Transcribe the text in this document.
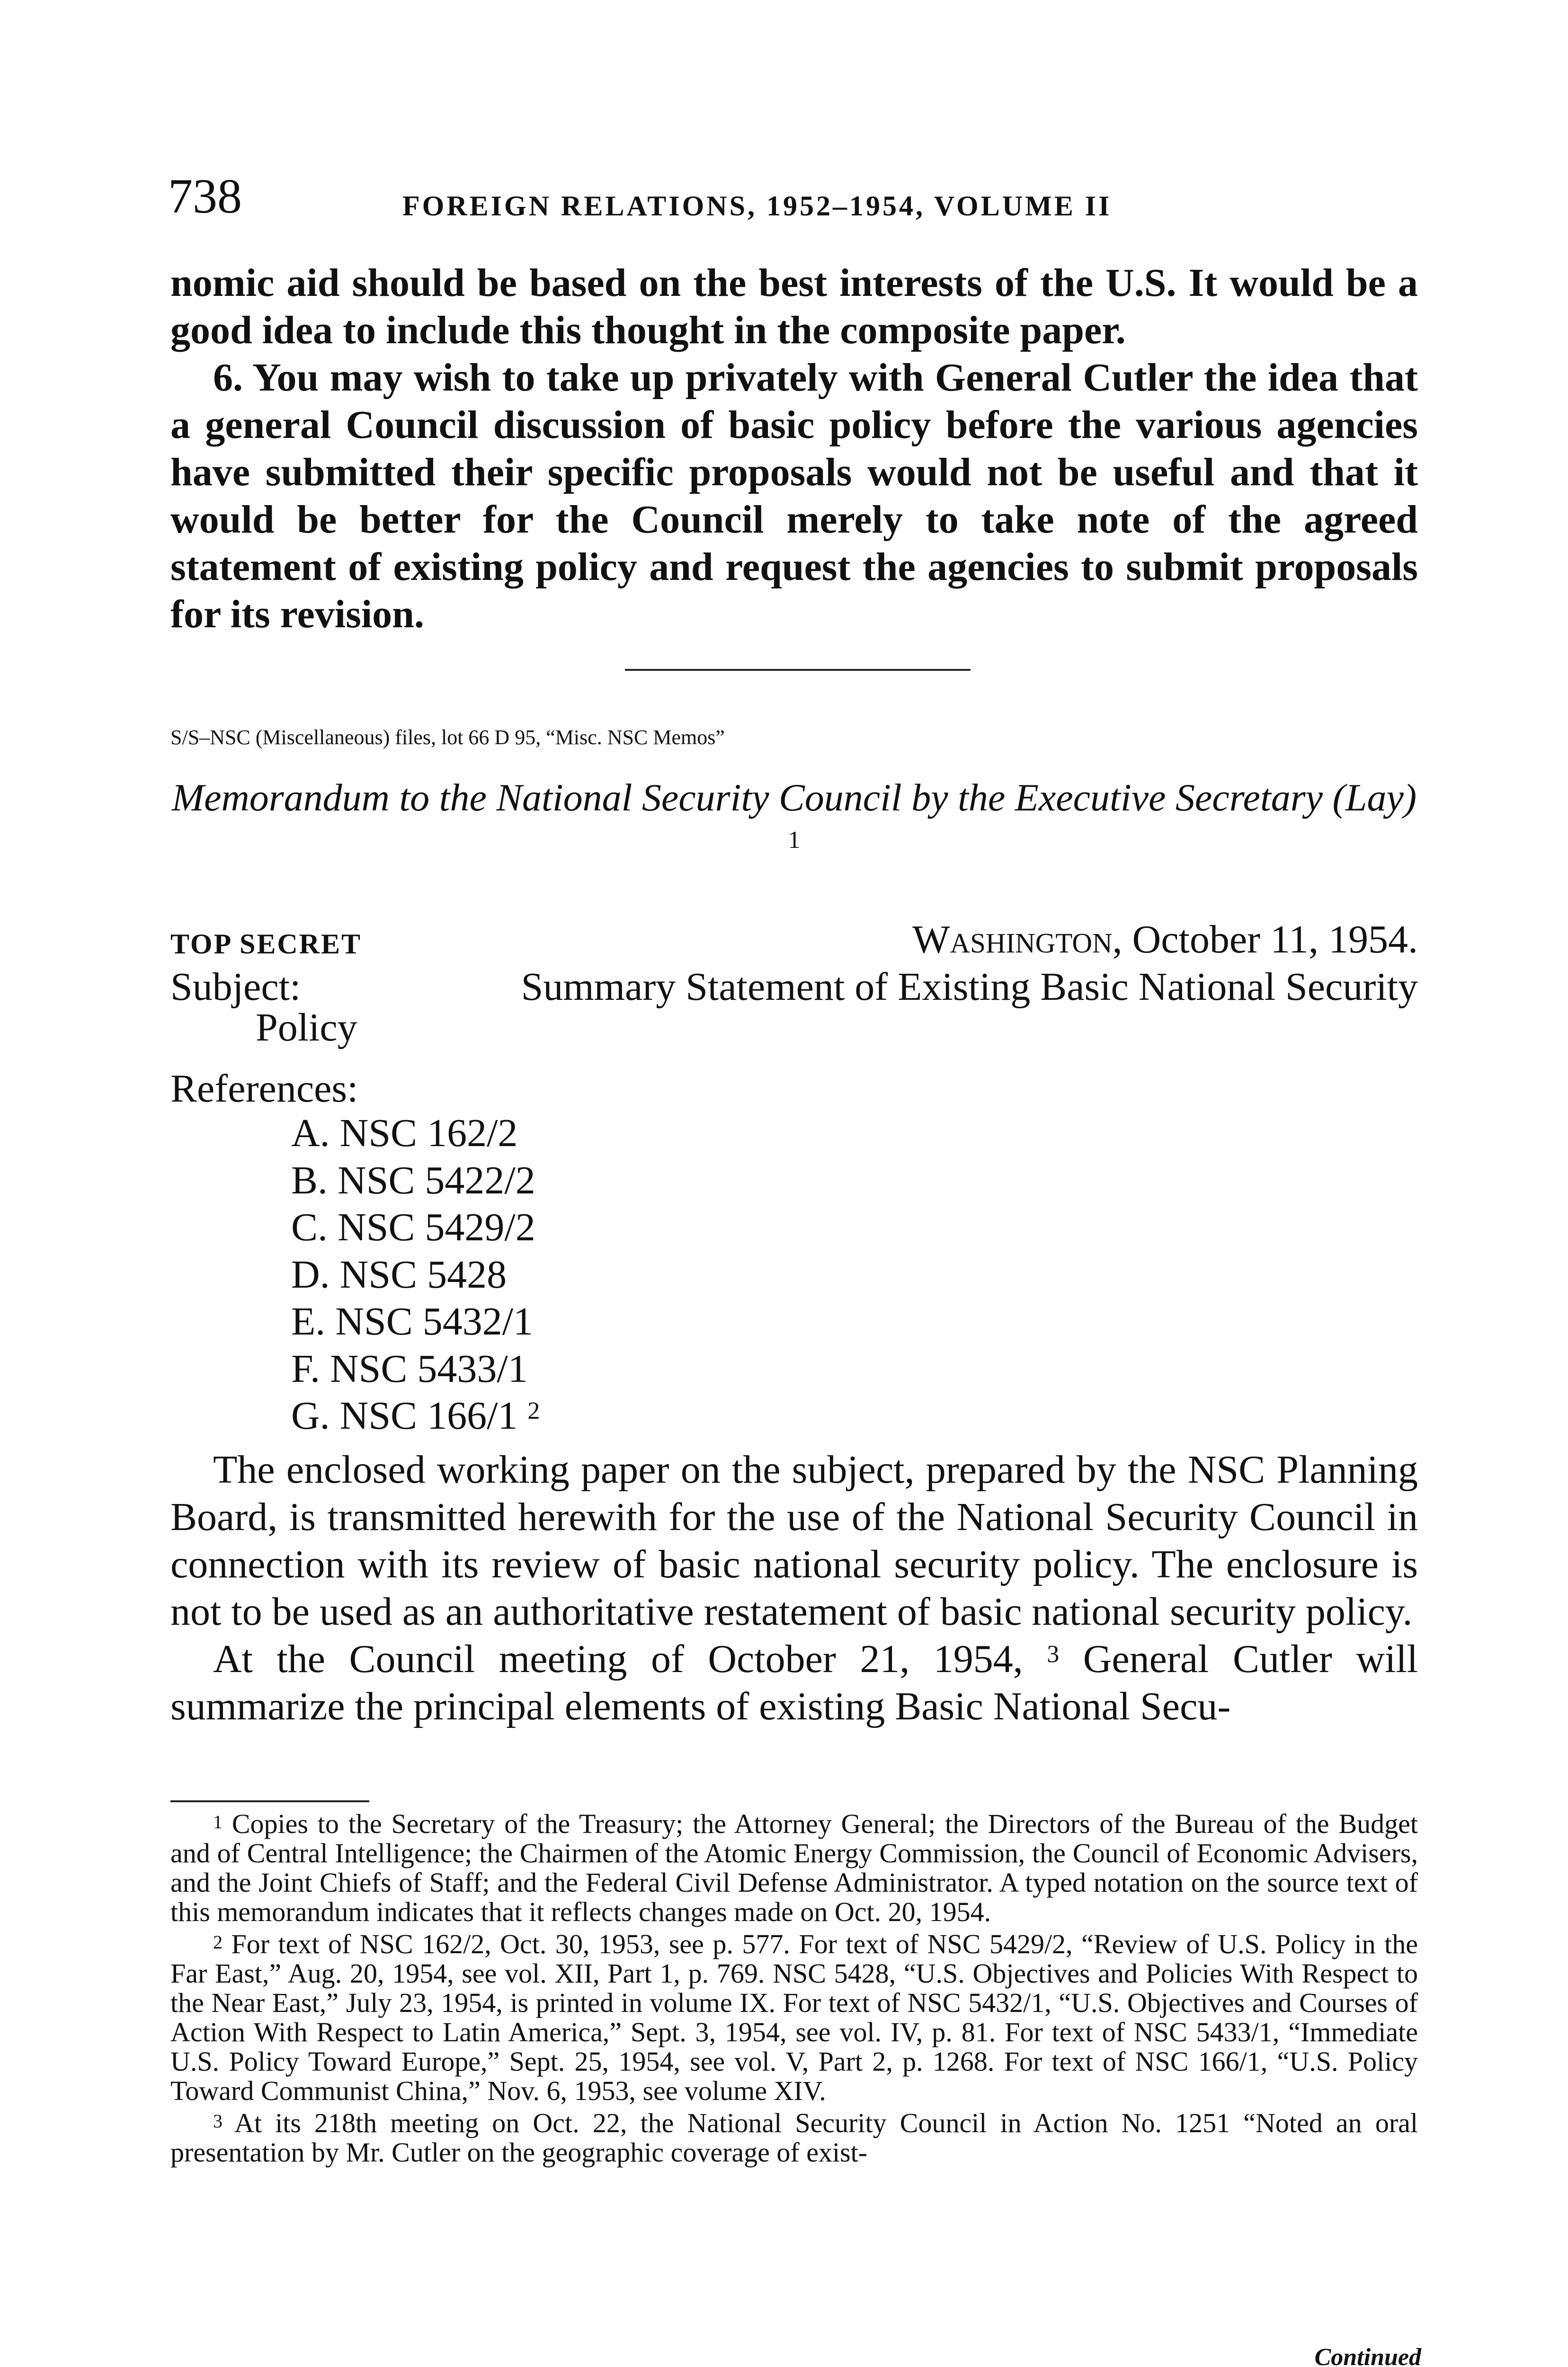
738	FOREIGN RELATIONS, 1952–1954, VOLUME II

nomic aid should be based on the best interests of the U.S. It would be a good idea to include this thought in the composite paper.

6. You may wish to take up privately with General Cutler the idea that a general Council discussion of basic policy before the various agencies have submitted their specific proposals would not be useful and that it would be better for the Council merely to take note of the agreed statement of existing policy and request the agencies to submit proposals for its revision.

S/S–NSC (Miscellaneous) files, lot 66 D 95, “Misc. NSC Memos”
Memorandum to the National Security Council by the Executive Secretary (Lay) $^1$
TOP SECRET	Washington, October 11, 1954.
Subject:	Summary Statement of Existing Basic National Security
Policy
References:
A. NSC 162/2
B. NSC 5422/2
C. NSC 5429/2
D. NSC 5428
E. NSC 5432/1
F. NSC 5433/1
G. NSC 166/1 $^2$

The enclosed working paper on the subject, prepared by the NSC Planning Board, is transmitted herewith for the use of the National Security Council in connection with its review of basic national security policy. The enclosure is not to be used as an authoritative restatement of basic national security policy.

At the Council meeting of October 21, 1954, $^3$ General Cutler will summarize the principal elements of existing Basic National Secu-

$^1$ Copies to the Secretary of the Treasury; the Attorney General; the Directors of the Bureau of the Budget and of Central Intelligence; the Chairmen of the Atomic Energy Commission, the Council of Economic Advisers, and the Joint Chiefs of Staff; and the Federal Civil Defense Administrator. A typed notation on the source text of this memorandum indicates that it reflects changes made on Oct. 20, 1954.

$^2$ For text of NSC 162/2, Oct. 30, 1953, see p. 577. For text of NSC 5429/2, “Review of U.S. Policy in the Far East,” Aug. 20, 1954, see vol. XII, Part 1, p. 769. NSC 5428, “U.S. Objectives and Policies With Respect to the Near East,” July 23, 1954, is printed in volume IX. For text of NSC 5432/1, “U.S. Objectives and Courses of Action With Respect to Latin America,” Sept. 3, 1954, see vol. IV, p. 81. For text of NSC 5433/1, “Immediate U.S. Policy Toward Europe,” Sept. 25, 1954, see vol. V, Part 2, p. 1268. For text of NSC 166/1, “U.S. Policy Toward Communist China,” Nov. 6, 1953, see volume XIV.

$^3$ At its 218th meeting on Oct. 22, the National Security Council in Action No. 1251 “Noted an oral presentation by Mr. Cutler on the geographic coverage of exist-

Continued
